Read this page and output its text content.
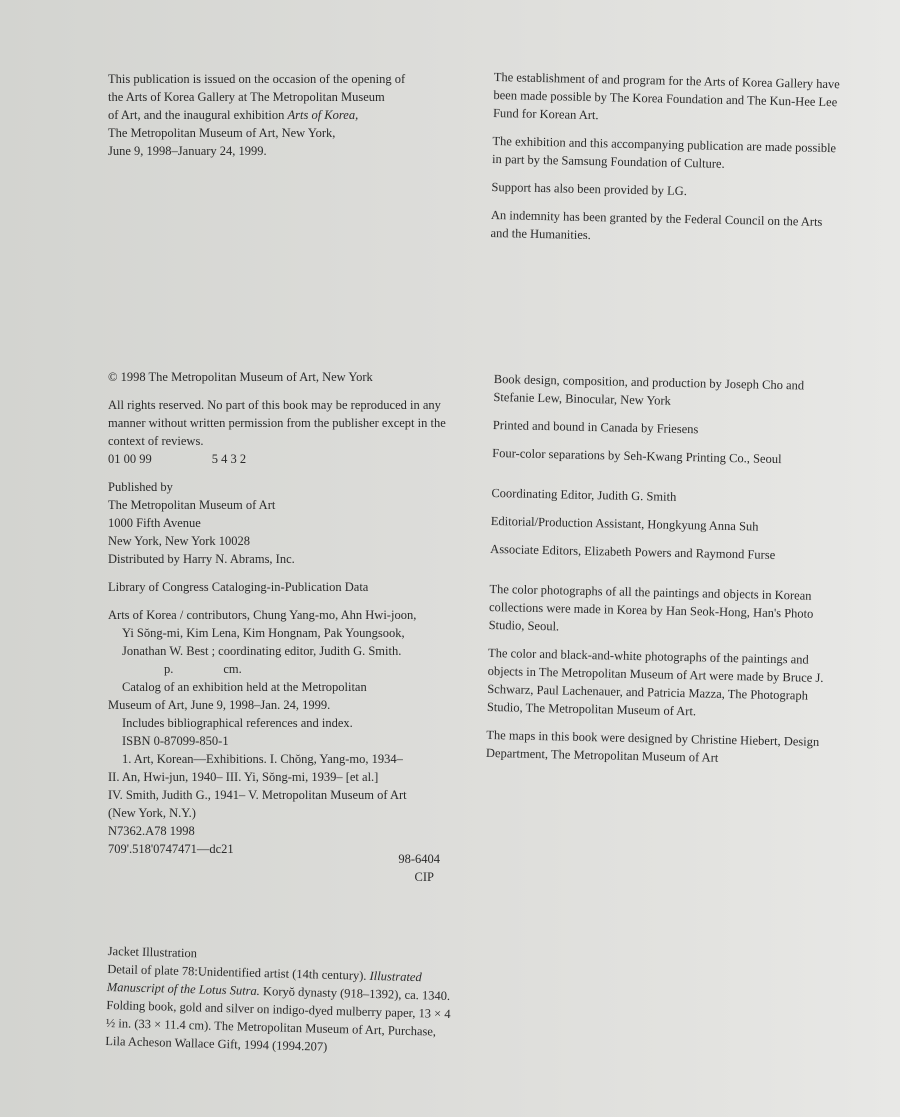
This publication is issued on the occasion of the opening of

the Arts of Korea Gallery at The Metropolitan Museum

of Art, and the inaugural exhibition Arts of Korea,

The Metropolitan Museum of Art, New York,

June 9, 1998–January 24, 1999.

© 1998 The Metropolitan Museum of Art, New York

All rights reserved. No part of this book may be reproduced in any manner without written permission from the publisher except in the context of reviews.

01 00 99	5 4 3 2

Published by

The Metropolitan Museum of Art

1000 Fifth Avenue

New York, New York 10028

Distributed by Harry N. Abrams, Inc.

Library of Congress Cataloging-in-Publication Data

Arts of Korea / contributors, Chung Yang-mo, Ahn Hwi-joon,

Yi Sŏng-mi, Kim Lena, Kim Hongnam, Pak Youngsook,

Jonathan W. Best ; coordinating editor, Judith G. Smith.

p.	cm.

Catalog of an exhibition held at the Metropolitan

Museum of Art, June 9, 1998–Jan. 24, 1999.

Includes bibliographical references and index.

ISBN 0-87099-850-1

1. Art, Korean—Exhibitions. I. Chŏng, Yang-mo, 1934–

II. An, Hwi-jun, 1940– III. Yi, Sŏng-mi, 1939– [et al.]

IV. Smith, Judith G., 1941– V. Metropolitan Museum of Art

(New York, N.Y.)

N7362.A78 1998

709'.518'0747471—dc21

98-6404

CIP

Jacket Illustration

Detail of plate 78:Unidentified artist (14th century). Illustrated Manuscript of the Lotus Sutra. Koryŏ dynasty (918–1392), ca. 1340. Folding book, gold and silver on indigo-dyed mulberry paper, 13 × 4 ½ in. (33 × 11.4 cm). The Metropolitan Museum of Art, Purchase, Lila Acheson Wallace Gift, 1994 (1994.207)

The establishment of and program for the Arts of Korea Gallery have been made possible by The Korea Foundation and The Kun-Hee Lee Fund for Korean Art.

The exhibition and this accompanying publication are made possible in part by the Samsung Foundation of Culture.

Support has also been provided by LG.

An indemnity has been granted by the Federal Council on the Arts and the Humanities.

Book design, composition, and production by Joseph Cho and Stefanie Lew, Binocular, New York

Printed and bound in Canada by Friesens

Four-color separations by Seh-Kwang Printing Co., Seoul

Coordinating Editor, Judith G. Smith

Editorial/Production Assistant, Hongkyung Anna Suh

Associate Editors, Elizabeth Powers and Raymond Furse

The color photographs of all the paintings and objects in Korean collections were made in Korea by Han Seok-Hong, Han's Photo Studio, Seoul.

The color and black-and-white photographs of the paintings and objects in The Metropolitan Museum of Art were made by Bruce J. Schwarz, Paul Lachenauer, and Patricia Mazza, The Photograph Studio, The Metropolitan Museum of Art.

The maps in this book were designed by Christine Hiebert, Design Department, The Metropolitan Museum of Art
